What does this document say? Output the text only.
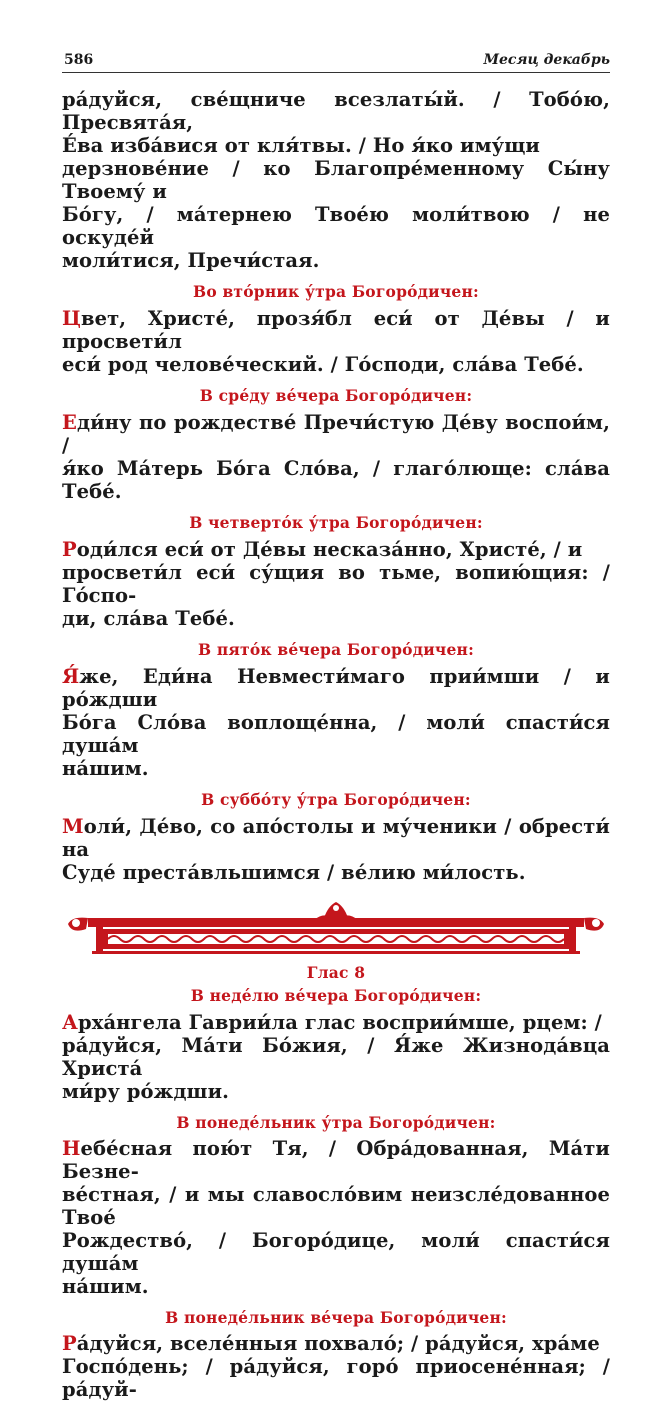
586	Месяц декабрь

ра́дуйся, све́щниче всезлаты́й. / Тобо́ю, Пресвята́я,
Е́ва изба́вися от кля́твы. / Но я́ко иму́щи
дерзнове́ние / ко Благопре́менному Сы́ну Твоему́ и
Бо́гу, / ма́тернею Твое́ю моли́твою / не оскуде́й
моли́тися, Пречи́стая.

Во вто́рник у́тра Богоро́дичен:

Цвет, Христе́, прозя́бл еси́ от Де́вы / и просвети́л
еси́ род челове́ческий. / Го́споди, сла́ва Тебе́.

В сре́ду ве́чера Богоро́дичен:

Еди́ну по рождестве́ Пречи́стую Де́ву воспои́м, /
я́ко Ма́терь Бо́га Сло́ва, / глаго́люще: сла́ва Тебе́.

В четверто́к у́тра Богоро́дичен:

Роди́лся еси́ от Де́вы несказа́нно, Христе́, / и
просвети́л еси́ су́щия во тьме, вопию́щия: / Го́спо-
ди, сла́ва Тебе́.

В пято́к ве́чера Богоро́дичен:

Я́же, Еди́на Невмести́маго прии́мши / и ро́ждши
Бо́га Сло́ва воплоще́нна, / моли́ спасти́ся душа́м
на́шим.

В суббо́ту у́тра Богоро́дичен:

Моли́, Де́во, со апо́столы и му́ченики / обрести́ на
Суде́ преста́вльшимся / ве́лию ми́лость.

Глас 8
В неде́лю ве́чера Богоро́дичен:

Арха́нгела Гаврии́ла глас восприи́мше, рцем: /
ра́дуйся, Ма́ти Бо́жия, / Я́же Жизнода́вца Христа́
ми́ру ро́ждши.

В понеде́льник у́тра Богоро́дичен:

Небе́сная пою́т Тя, / Обра́дованная, Ма́ти Безне-
ве́стная, / и мы славосло́вим неизсле́дованное Твое́
Рождество́, / Богоро́дице, моли́ спасти́ся душа́м
на́шим.

В понеде́льник ве́чера Богоро́дичен:

Ра́дуйся, вселе́нныя похвало́; / ра́дуйся, хра́ме
Госпо́день; / ра́дуйся, горо́ приосене́нная; / ра́дуй-
